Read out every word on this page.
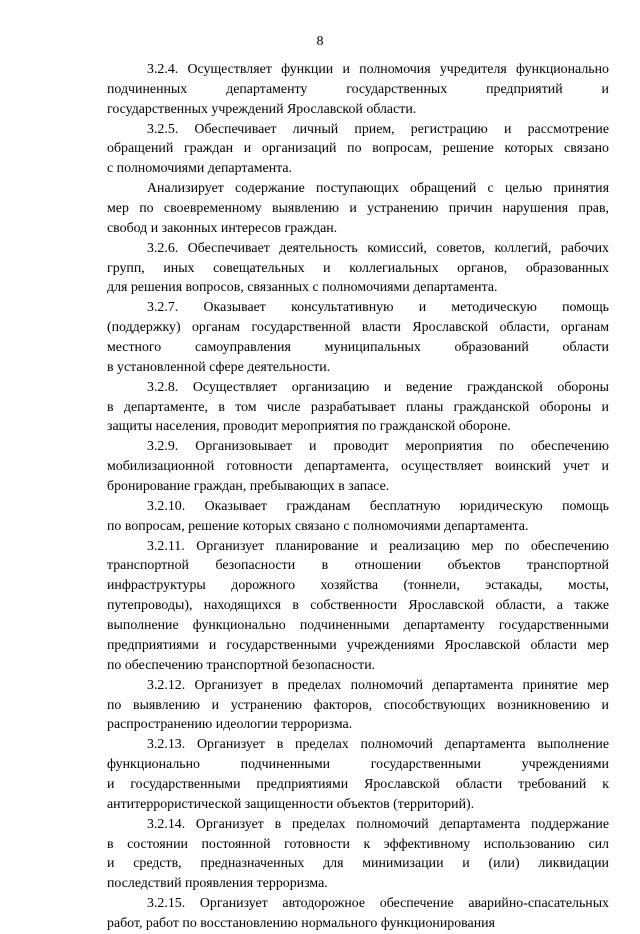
8
3.2.4. Осуществляет функции и полномочия учредителя функционально
подчиненных департаменту государственных предприятий и
государственных учреждений Ярославской области.
3.2.5. Обеспечивает личный прием, регистрацию и рассмотрение
обращений граждан и организаций по вопросам, решение которых связано
с полномочиями департамента.
Анализирует содержание поступающих обращений с целью принятия
мер по своевременному выявлению и устранению причин нарушения прав,
свобод и законных интересов граждан.
3.2.6. Обеспечивает деятельность комиссий, советов, коллегий, рабочих
групп, иных совещательных и коллегиальных органов, образованных
для решения вопросов, связанных с полномочиями департамента.
3.2.7. Оказывает консультативную и методическую помощь
(поддержку) органам государственной власти Ярославской области, органам
местного самоуправления муниципальных образований области
в установленной сфере деятельности.
3.2.8. Осуществляет организацию и ведение гражданской обороны
в департаменте, в том числе разрабатывает планы гражданской обороны и
защиты населения, проводит мероприятия по гражданской обороне.
3.2.9. Организовывает и проводит мероприятия по обеспечению
мобилизационной готовности департамента, осуществляет воинский учет и
бронирование граждан, пребывающих в запасе.
3.2.10. Оказывает гражданам бесплатную юридическую помощь
по вопросам, решение которых связано с полномочиями департамента.
3.2.11. Организует планирование и реализацию мер по обеспечению
транспортной безопасности в отношении объектов транспортной
инфраструктуры дорожного хозяйства (тоннели, эстакады, мосты,
путепроводы), находящихся в собственности Ярославской области, а также
выполнение функционально подчиненными департаменту государственными
предприятиями и государственными учреждениями Ярославской области мер
по обеспечению транспортной безопасности.
3.2.12. Организует в пределах полномочий департамента принятие мер
по выявлению и устранению факторов, способствующих возникновению и
распространению идеологии терроризма.
3.2.13. Организует в пределах полномочий департамента выполнение
функционально подчиненными государственными учреждениями
и государственными предприятиями Ярославской области требований к
антитеррористической защищенности объектов (территорий).
3.2.14. Организует в пределах полномочий департамента поддержание
в состоянии постоянной готовности к эффективному использованию сил
и средств, предназначенных для минимизации и (или) ликвидации
последствий проявления терроризма.
3.2.15. Организует автодорожное обеспечение аварийно-спасательных
работ, работ по восстановлению нормального функционирования
